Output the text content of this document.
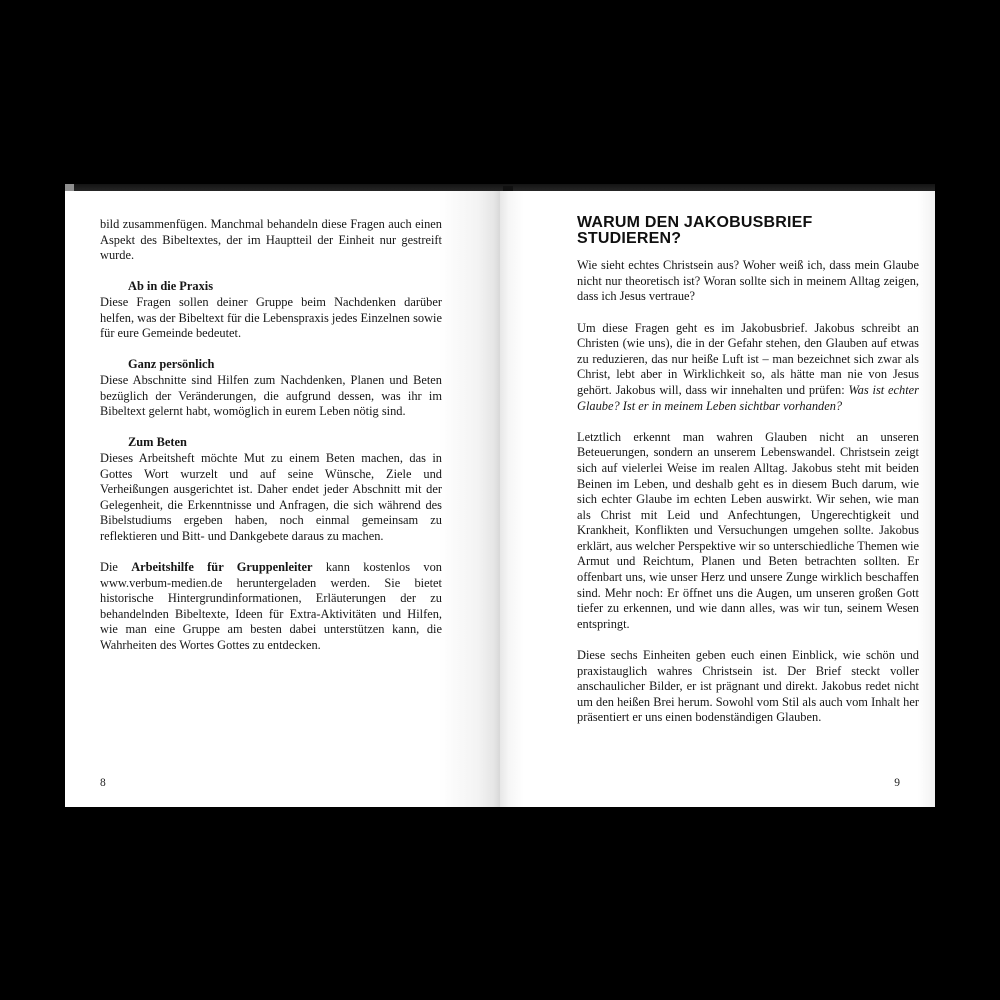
bild zusammenfügen. Manchmal behandeln diese Fragen auch einen Aspekt des Bibeltextes, der im Hauptteil der Einheit nur gestreift wurde.

Ab in die Praxis

Diese Fragen sollen deiner Gruppe beim Nachdenken darüber helfen, was der Bibeltext für die Lebenspraxis jedes Einzelnen sowie für eure Gemeinde bedeutet.

Ganz persönlich

Diese Abschnitte sind Hilfen zum Nachdenken, Planen und Beten bezüglich der Veränderungen, die aufgrund dessen, was ihr im Bibeltext gelernt habt, womöglich in eurem Leben nötig sind.

Zum Beten

Dieses Arbeitsheft möchte Mut zu einem Beten machen, das in Gottes Wort wurzelt und auf seine Wünsche, Ziele und Verheißungen ausgerichtet ist. Daher endet jeder Abschnitt mit der Gelegenheit, die Erkenntnisse und Anfragen, die sich während des Bibelstudiums ergeben haben, noch einmal gemeinsam zu reflektieren und Bitt- und Dankgebete daraus zu machen.

Die Arbeitshilfe für Gruppenleiter kann kostenlos von www.verbum-medien.de heruntergeladen werden. Sie bietet historische Hintergrundinformationen, Erläuterungen der zu behandelnden Bibeltexte, Ideen für Extra-Aktivitäten und Hilfen, wie man eine Gruppe am besten dabei unterstützen kann, die Wahrheiten des Wortes Gottes zu entdecken.

8
WARUM DEN JAKOBUSBRIEF STUDIEREN?

Wie sieht echtes Christsein aus? Woher weiß ich, dass mein Glaube nicht nur theoretisch ist? Woran sollte sich in meinem Alltag zeigen, dass ich Jesus vertraue?

Um diese Fragen geht es im Jakobusbrief. Jakobus schreibt an Christen (wie uns), die in der Gefahr stehen, den Glauben auf etwas zu reduzieren, das nur heiße Luft ist – man bezeichnet sich zwar als Christ, lebt aber in Wirklichkeit so, als hätte man nie von Jesus gehört. Jakobus will, dass wir innehalten und prüfen: Was ist echter Glaube? Ist er in meinem Leben sichtbar vorhanden?

Letztlich erkennt man wahren Glauben nicht an unseren Beteuerungen, sondern an unserem Lebenswandel. Christsein zeigt sich auf vielerlei Weise im realen Alltag. Jakobus steht mit beiden Beinen im Leben, und deshalb geht es in diesem Buch darum, wie sich echter Glaube im echten Leben auswirkt. Wir sehen, wie man als Christ mit Leid und Anfechtungen, Ungerechtigkeit und Krankheit, Konflikten und Versuchungen umgehen sollte. Jakobus erklärt, aus welcher Perspektive wir so unterschiedliche Themen wie Armut und Reichtum, Planen und Beten betrachten sollten. Er offenbart uns, wie unser Herz und unsere Zunge wirklich beschaffen sind. Mehr noch: Er öffnet uns die Augen, um unseren großen Gott tiefer zu erkennen, und wie dann alles, was wir tun, seinem Wesen entspringt.

Diese sechs Einheiten geben euch einen Einblick, wie schön und praxistauglich wahres Christsein ist. Der Brief steckt voller anschaulicher Bilder, er ist prägnant und direkt. Jakobus redet nicht um den heißen Brei herum. Sowohl vom Stil als auch vom Inhalt her präsentiert er uns einen bodenständigen Glauben.

9
